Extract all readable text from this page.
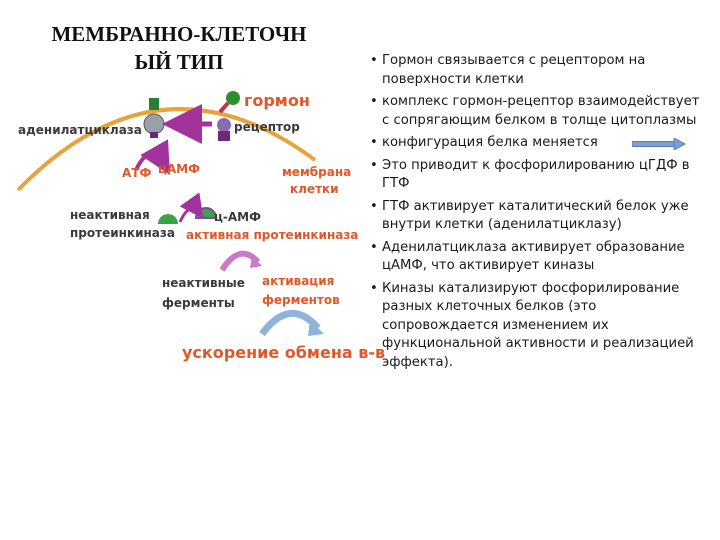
МЕМБРАННО-КЛЕТОЧН
ЫЙ ТИП
гормон
аденилатциклаза	рецептор
АТФ цАМФ	мембрана
клетки
неактивная
протеинкиназа
ц-АМФ
активная протеинкиназа
неактивные
ферменты
активация
ферментов
ускорение обмена в-в
• Гормон связывается с рецептором на поверхности клетки
• комплекс гормон-рецептор взаимодействует с сопрягающим белком в толще цитоплазмы
• конфигурация белка меняется
• Это приводит к фосфорилированию цГДФ в ГТФ
• ГТФ активирует каталитический белок уже внутри клетки (аденилатциклазу)
• Аденилатциклаза активирует образование цАМФ, что активирует киназы
• Киназы катализируют фосфорилирование разных клеточных белков (это сопровождается изменением их функциональной активности и реализацией эффекта).
